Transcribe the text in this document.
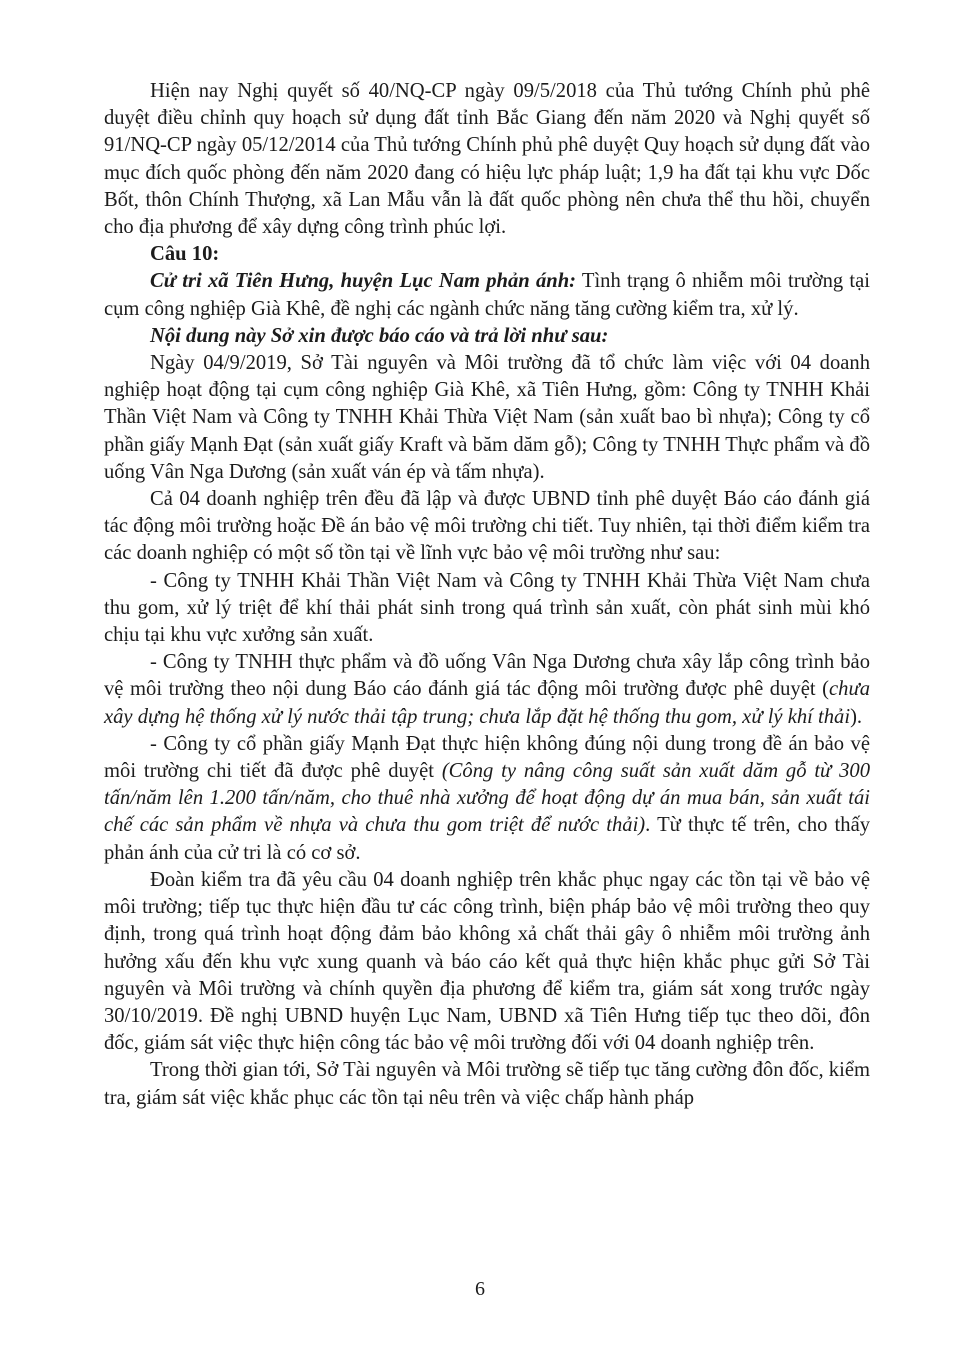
Hiện nay Nghị quyết số 40/NQ-CP ngày 09/5/2018 của Thủ tướng Chính phủ phê duyệt điều chỉnh quy hoạch sử dụng đất tỉnh Bắc Giang đến năm 2020 và Nghị quyết số 91/NQ-CP ngày 05/12/2014 của Thủ tướng Chính phủ phê duyệt Quy hoạch sử dụng đất vào mục đích quốc phòng đến năm 2020 đang có hiệu lực pháp luật; 1,9 ha đất tại khu vực Dốc Bốt, thôn Chính Thượng, xã Lan Mẫu vẫn là đất quốc phòng nên chưa thể thu hồi, chuyển cho địa phương để xây dựng công trình phúc lợi.

Câu 10:

Cử tri xã Tiên Hưng, huyện Lục Nam phản ánh: Tình trạng ô nhiễm môi trường tại cụm công nghiệp Già Khê, đề nghị các ngành chức năng tăng cường kiểm tra, xử lý.

Nội dung này Sở xin được báo cáo và trả lời như sau:

Ngày 04/9/2019, Sở Tài nguyên và Môi trường đã tổ chức làm việc với 04 doanh nghiệp hoạt động tại cụm công nghiệp Già Khê, xã Tiên Hưng, gồm: Công ty TNHH Khải Thần Việt Nam và Công ty TNHH Khải Thừa Việt Nam (sản xuất bao bì nhựa); Công ty cổ phần giấy Mạnh Đạt (sản xuất giấy Kraft và băm dăm gỗ); Công ty TNHH Thực phẩm và đồ uống Vân Nga Dương (sản xuất ván ép và tấm nhựa).

Cả 04 doanh nghiệp trên đều đã lập và được UBND tỉnh phê duyệt Báo cáo đánh giá tác động môi trường hoặc Đề án bảo vệ môi trường chi tiết. Tuy nhiên, tại thời điểm kiểm tra các doanh nghiệp có một số tồn tại về lĩnh vực bảo vệ môi trường như sau:

- Công ty TNHH Khải Thần Việt Nam và Công ty TNHH Khải Thừa Việt Nam chưa thu gom, xử lý triệt để khí thải phát sinh trong quá trình sản xuất, còn phát sinh mùi khó chịu tại khu vực xưởng sản xuất.

- Công ty TNHH thực phẩm và đồ uống Vân Nga Dương chưa xây lắp công trình bảo vệ môi trường theo nội dung Báo cáo đánh giá tác động môi trường được phê duyệt (chưa xây dựng hệ thống xử lý nước thải tập trung; chưa lắp đặt hệ thống thu gom, xử lý khí thải).

- Công ty cổ phần giấy Mạnh Đạt thực hiện không đúng nội dung trong đề án bảo vệ môi trường chi tiết đã được phê duyệt (Công ty nâng công suất sản xuất dăm gỗ từ 300 tấn/năm lên 1.200 tấn/năm, cho thuê nhà xưởng để hoạt động dự án mua bán, sản xuất tái chế các sản phẩm về nhựa và chưa thu gom triệt để nước thải). Từ thực tế trên, cho thấy phản ánh của cử tri là có cơ sở.

Đoàn kiểm tra đã yêu cầu 04 doanh nghiệp trên khắc phục ngay các tồn tại về bảo vệ môi trường; tiếp tục thực hiện đầu tư các công trình, biện pháp bảo vệ môi trường theo quy định, trong quá trình hoạt động đảm bảo không xả chất thải gây ô nhiễm môi trường ảnh hưởng xấu đến khu vực xung quanh và báo cáo kết quả thực hiện khắc phục gửi Sở Tài nguyên và Môi trường và chính quyền địa phương để kiểm tra, giám sát xong trước ngày 30/10/2019. Đề nghị UBND huyện Lục Nam, UBND xã Tiên Hưng tiếp tục theo dõi, đôn đốc, giám sát việc thực hiện công tác bảo vệ môi trường đối với 04 doanh nghiệp trên.

Trong thời gian tới, Sở Tài nguyên và Môi trường sẽ tiếp tục tăng cường đôn đốc, kiểm tra, giám sát việc khắc phục các tồn tại nêu trên và việc chấp hành pháp

6
